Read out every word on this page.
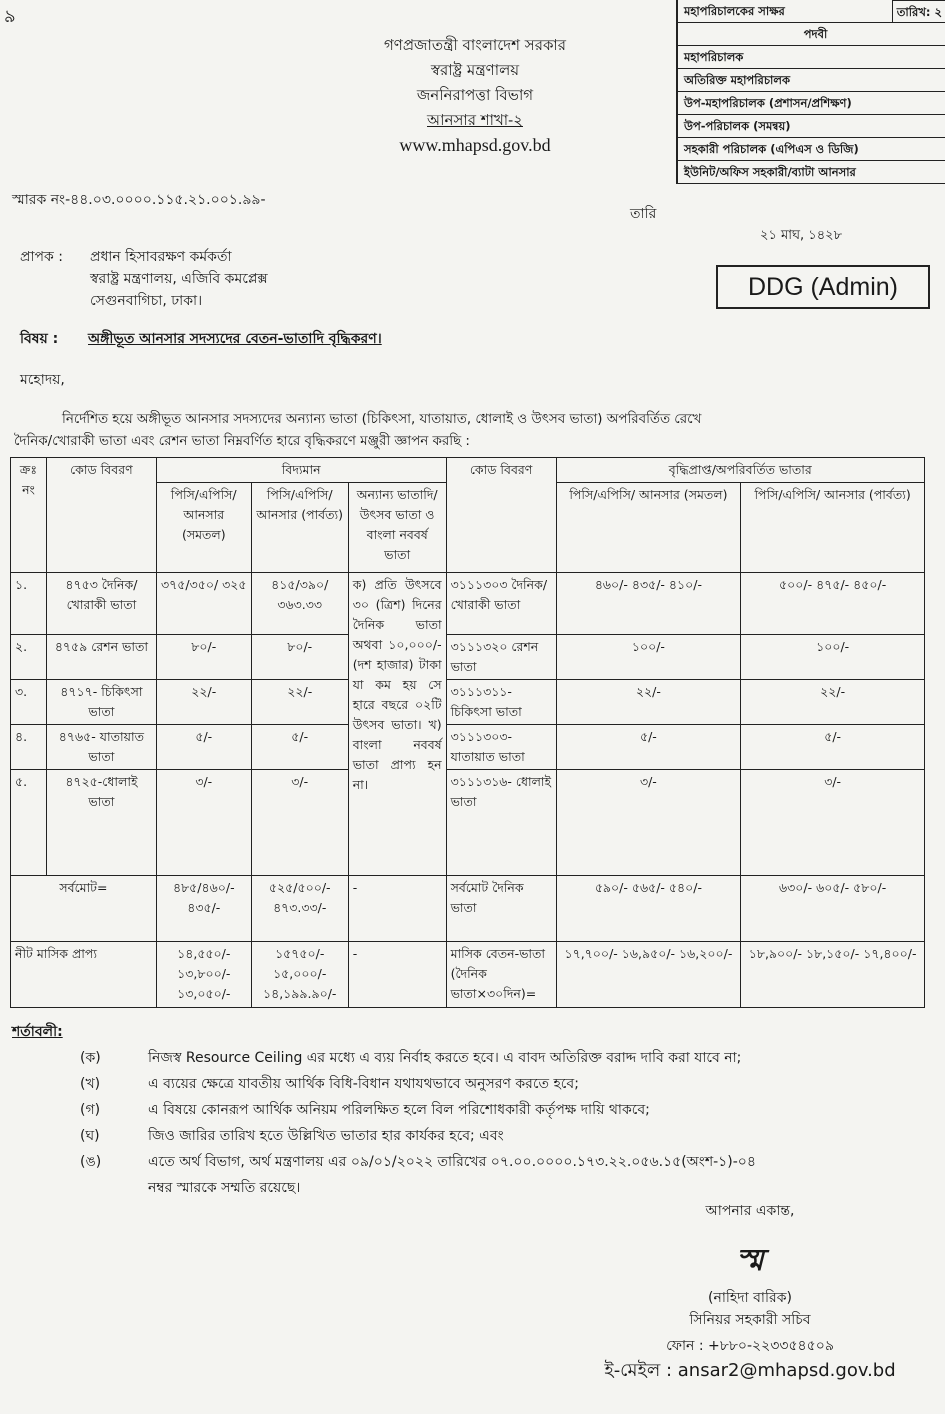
৯	মহাপরিচালকের সাক্ষর	তারিখ: ২
পদবী
মহাপরিচালক
অতিরিক্ত মহাপরিচালক
উপ-মহাপরিচালক (প্রশাসন/প্রশিক্ষণ)
উপ-পরিচালক (সমন্বয়)
সহকারী পরিচালক (এপিএস ও ডিজি)
ইউনিট/অফিস সহকারী/ব্যাটা আনসার
গণপ্রজাতন্ত্রী বাংলাদেশ সরকার
স্বরাষ্ট্র মন্ত্রণালয়
জননিরাপত্তা বিভাগ
আনসার শাখা-২
www.mhapsd.gov.bd
স্মারক নং-৪৪.০৩.০০০০.১১৫.২১.০০১.৯৯-
তারি
২১ মাঘ, ১৪২৮
DDG (Admin)
প্রাপক : প্রধান হিসাবরক্ষণ কর্মকর্তা
স্বরাষ্ট্র মন্ত্রণালয়, এজিবি কমপ্লেক্স
সেগুনবাগিচা, ঢাকা।
বিষয় : অঙ্গীভূত আনসার সদস্যদের বেতন-ভাতাদি বৃদ্ধিকরণ।
মহোদয়,
নির্দেশিত হয়ে অঙ্গীভূত আনসার সদস্যদের অন্যান্য ভাতা (চিকিৎসা, যাতায়াত, ধোলাই ও উৎসব ভাতা) অপরিবর্তিত রেখে
দৈনিক/খোরাকী ভাতা এবং রেশন ভাতা নিম্নবর্ণিত হারে বৃদ্ধিকরণে মঞ্জুরী জ্ঞাপন করছি :
ক্রঃ নং	কোড বিবরণ	বিদ্যমান			কোড বিবরণ	বৃদ্ধিপ্রাপ্ত/অপরিবর্তিত ভাতার	
		পিসি/এপিসি/ আনসার (সমতল)	পিসি/এপিসি/ আনসার (পার্বত্য)	অন্যান্য ভাতাদি/উৎসব ভাতা ও বাংলা নববর্ষ ভাতা		পিসি/এপিসি/ আনসার (সমতল)	পিসি/এপিসি/ আনসার (পার্বত্য)
১.	৪৭৫৩ দৈনিক/খোরাকী ভাতা	৩৭৫/৩৫০/ ৩২৫	৪১৫/৩৯০/ ৩৬৩.৩৩	ক) প্রতি উৎসবে ৩০ (ত্রিশ) দিনের দৈনিক ভাতা অথবা ১০,০০০/- (দশ হাজার) টাকা যা কম হয় সে হারে বছরে ০২টি উৎসব ভাতা। খ) বাংলা নববর্ষ ভাতা প্রাপ্য হন না।	৩১১১৩০৩ দৈনিক/খোরাকী ভাতা	৪৬০/- ৪৩৫/- ৪১০/-	৫০০/- ৪৭৫/- ৪৫০/-
২.	৪৭৫৯ রেশন ভাতা	৮০/-	৮০/-		৩১১১৩২০ রেশন ভাতা	১০০/-	১০০/-
৩.	৪৭১৭- চিকিৎসা ভাতা	২২/-	২২/-		৩১১১৩১১- চিকিৎসা ভাতা	২২/-	২২/-
৪.	৪৭৬৫- যাতায়াত ভাতা	৫/-	৫/-		৩১১১৩০৩- যাতায়াত ভাতা	৫/-	৫/-
৫.	৪৭২৫-ধোলাই ভাতা	৩/-	৩/-		৩১১১৩১৬- ধোলাই ভাতা	৩/-	৩/-
সর্বমোট=		৪৮৫/৪৬০/- ৪৩৫/-	৫২৫/৫০০/- ৪৭৩.৩৩/-	-	সর্বমোট দৈনিক ভাতা	৫৯০/- ৫৬৫/- ৫৪০/-	৬৩০/- ৬০৫/- ৫৮০/-
নীট মাসিক প্রাপ্য		১৪,৫৫০/- ১৩,৮০০/- ১৩,০৫০/-	১৫৭৫০/- ১৫,০০০/- ১৪,১৯৯.৯০/-	-	মাসিক বেতন-ভাতা (দৈনিক ভাতা×৩০দিন)=	১৭,৭০০/- ১৬,৯৫০/- ১৬,২০০/-	১৮,৯০০/- ১৮,১৫০/- ১৭,৪০০/-
শর্তাবলী:
(ক)	নিজস্ব Resource Ceiling এর মধ্যে এ ব্যয় নির্বাহ করতে হবে। এ বাবদ অতিরিক্ত বরাদ্দ দাবি করা যাবে না;
(খ)	এ ব্যয়ের ক্ষেত্রে যাবতীয় আর্থিক বিধি-বিধান যথাযথভাবে অনুসরণ করতে হবে;
(গ)	এ বিষয়ে কোনরূপ আর্থিক অনিয়ম পরিলক্ষিত হলে বিল পরিশোধকারী কর্তৃপক্ষ দায়ি থাকবে;
(ঘ)	জিও জারির তারিখ হতে উল্লিখিত ভাতার হার কার্যকর হবে; এবং
(ঙ)	এতে অর্থ বিভাগ, অর্থ মন্ত্রণালয় এর ০৯/০১/২০২২ তারিখের ০৭.০০.০০০০.১৭৩.২২.০৫৬.১৫(অংশ-১)-০৪
নম্বর স্মারকে সম্মতি রয়েছে।
আপনার একান্ত,
স্ম
(নাহিদা বারিক)
সিনিয়র সহকারী সচিব
ফোন : +৮৮০-২২৩৩৫৪৫০৯
ই-মেইল : ansar2@mhapsd.gov.bd
